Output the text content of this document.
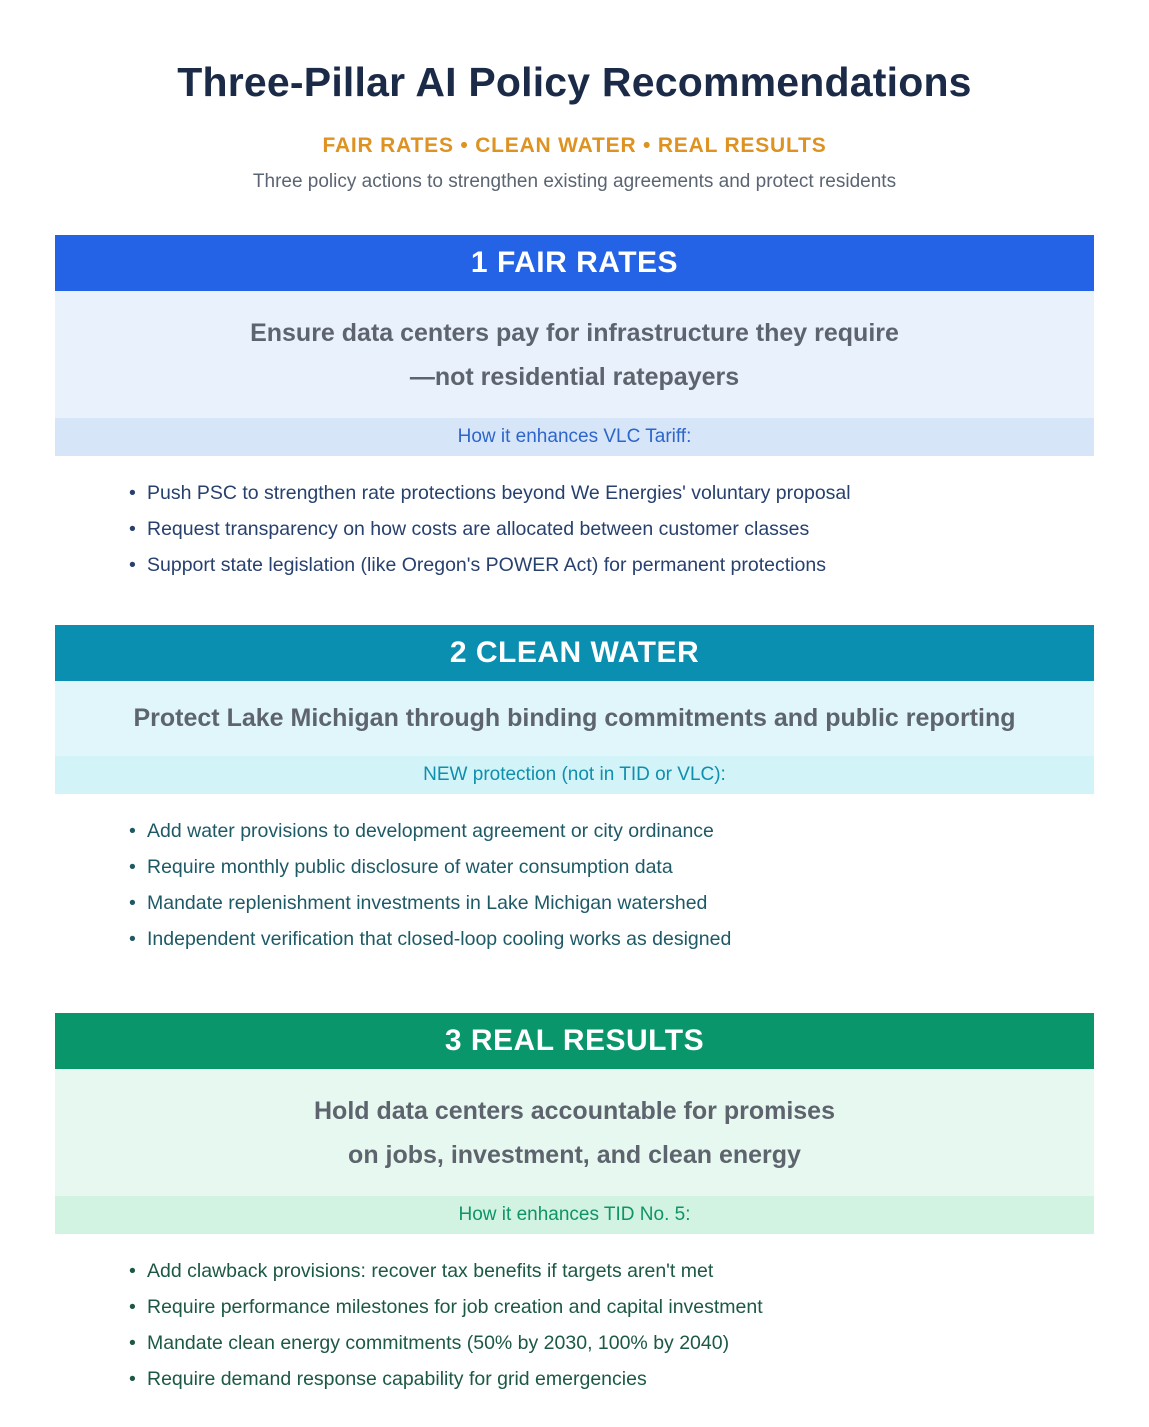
Three-Pillar AI Policy Recommendations
FAIR RATES • CLEAN WATER • REAL RESULTS
Three policy actions to strengthen existing agreements and protect residents
1 FAIR RATES
Ensure data centers pay for infrastructure they require
—not residential ratepayers
How it enhances VLC Tariff:
• Push PSC to strengthen rate protections beyond We Energies' voluntary proposal
• Request transparency on how costs are allocated between customer classes
• Support state legislation (like Oregon's POWER Act) for permanent protections
2 CLEAN WATER
Protect Lake Michigan through binding commitments and public reporting
NEW protection (not in TID or VLC):
• Add water provisions to development agreement or city ordinance
• Require monthly public disclosure of water consumption data
• Mandate replenishment investments in Lake Michigan watershed
• Independent verification that closed-loop cooling works as designed
3 REAL RESULTS
Hold data centers accountable for promises
on jobs, investment, and clean energy
How it enhances TID No. 5:
• Add clawback provisions: recover tax benefits if targets aren't met
• Require performance milestones for job creation and capital investment
• Mandate clean energy commitments (50% by 2030, 100% by 2040)
• Require demand response capability for grid emergencies
